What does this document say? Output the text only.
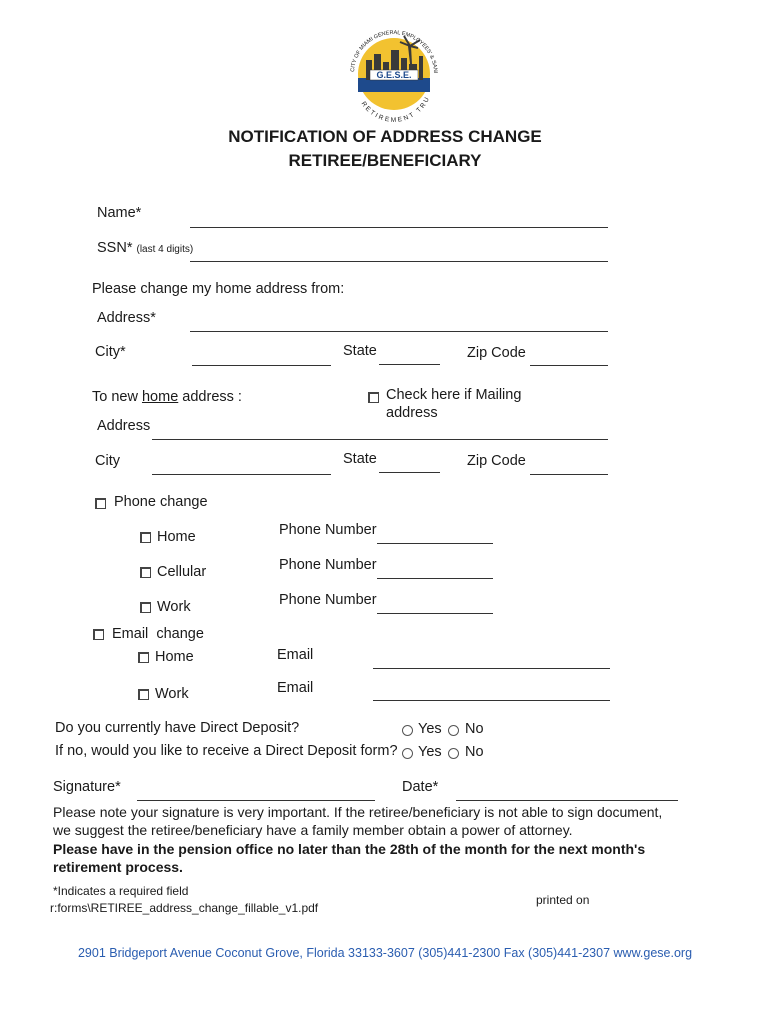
G.E.S.E.
CITY OF MIAMI GENERAL EMPLOYEES' & SANI
RETIREMENT TRU
NOTIFICATION OF ADDRESS CHANGE
RETIREE/BENEFICIARY
Name*
SSN* (last 4 digits)
Please change my home address from:
Address*
City*	State	Zip Code
To new home address :	Check here if Mailing
address
Address
City	State	Zip Code
Phone change
Home	Phone Number
Cellular	Phone Number
Work	Phone Number
Email  change
Home	Email
Work	Email
Do you currently have Direct Deposit?	Yes No
If no, would you like to receive a Direct Deposit form? Yes No
Signature*	Date*
Please note your signature is very important. If the retiree/beneficiary is not able to sign document,
we suggest the retiree/beneficiary have a family member obtain a power of attorney.
Please have in the pension office no later than the 28th of the month for the next month's
retirement process.
*Indicates a required field
r:forms\RETIREE_address_change_fillable_v1.pdf
printed on
2901 Bridgeport Avenue Coconut Grove, Florida 33133-3607 (305)441-2300 Fax (305)441-2307 www.gese.org
